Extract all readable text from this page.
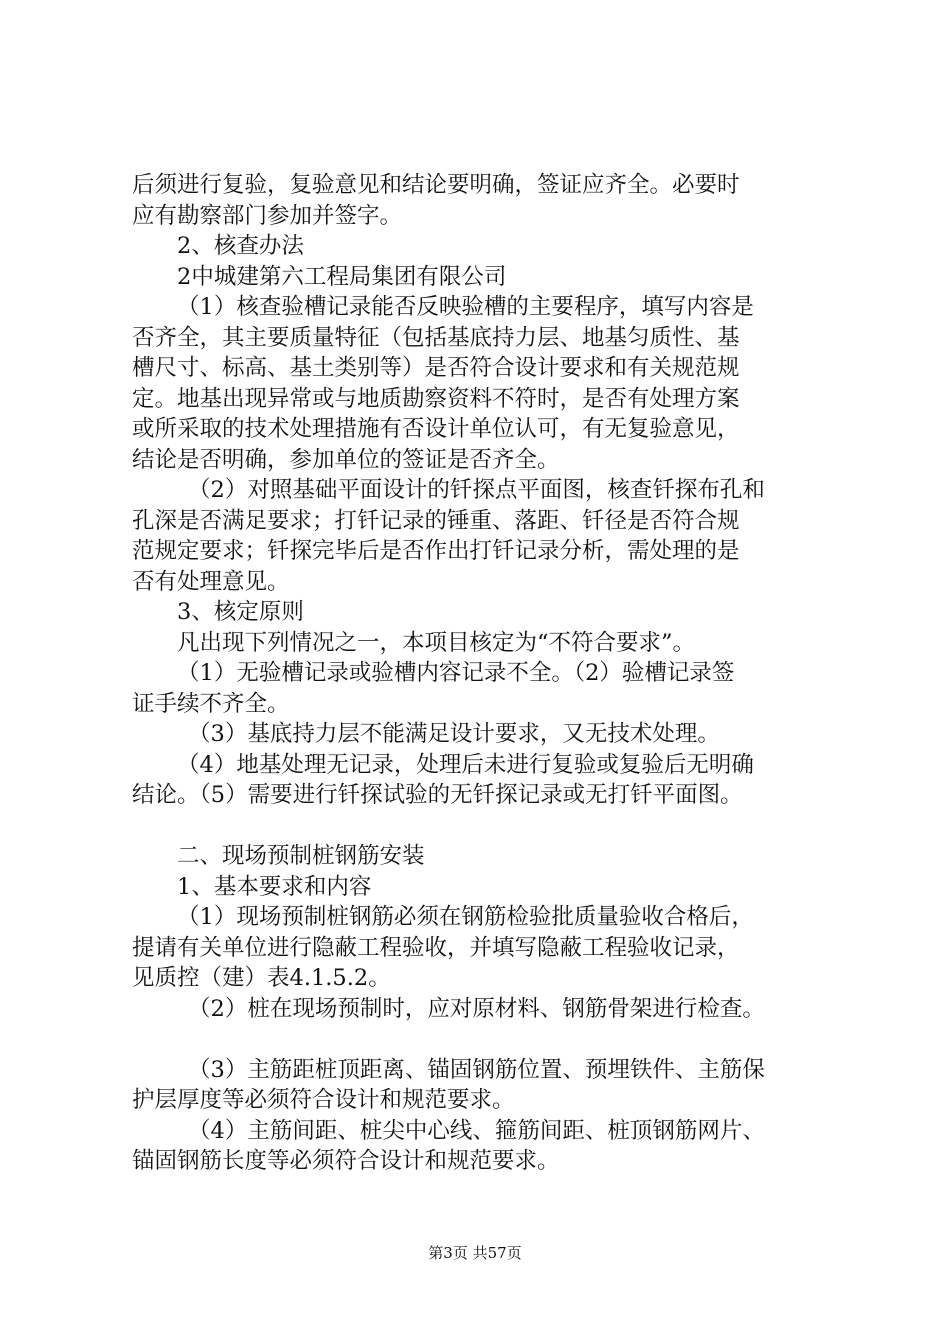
后须进行复验，复验意见和结论要明确，签证应齐全。必要时
应有勘察部门参加并签字。
2、核查办法
2中城建第六工程局集团有限公司
（1）核查验槽记录能否反映验槽的主要程序，填写内容是
否齐全，其主要质量特征（包括基底持力层、地基匀质性、基
槽尺寸、标高、基土类别等）是否符合设计要求和有关规范规
定。地基出现异常或与地质勘察资料不符时，是否有处理方案
或所采取的技术处理措施有否设计单位认可，有无复验意见，
结论是否明确，参加单位的签证是否齐全。
（2）对照基础平面设计的钎探点平面图，核查钎探布孔和
孔深是否满足要求；打钎记录的锤重、落距、钎径是否符合规
范规定要求；钎探完毕后是否作出打钎记录分析，需处理的是
否有处理意见。
3、核定原则
凡出现下列情况之一，本项目核定为“不符合要求”。
（1）无验槽记录或验槽内容记录不全。（2）验槽记录签
证手续不齐全。
（3）基底持力层不能满足设计要求，又无技术处理。
（4）地基处理无记录，处理后未进行复验或复验后无明确
结论。（5）需要进行钎探试验的无钎探记录或无打钎平面图。
二、现场预制桩钢筋安装
1、基本要求和内容
（1）现场预制桩钢筋必须在钢筋检验批质量验收合格后，
提请有关单位进行隐蔽工程验收，并填写隐蔽工程验收记录，
见质控（建）表4.1.5.2。
（2）桩在现场预制时，应对原材料、钢筋骨架进行检查。
（3）主筋距桩顶距离、锚固钢筋位置、预埋铁件、主筋保
护层厚度等必须符合设计和规范要求。
（4）主筋间距、桩尖中心线、箍筋间距、桩顶钢筋网片、
锚固钢筋长度等必须符合设计和规范要求。
第3页 共57页
